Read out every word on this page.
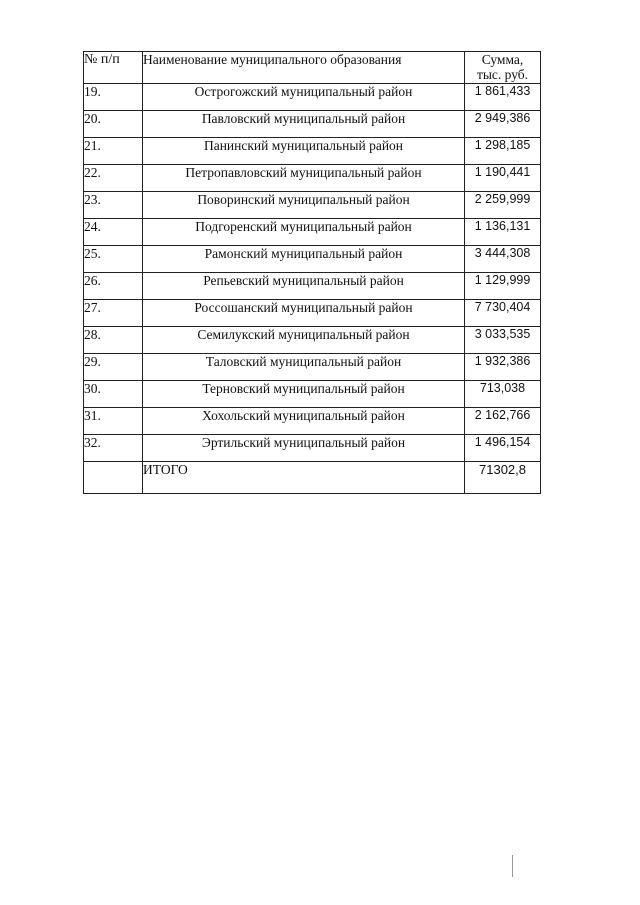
№ п/п	Наименование муниципального образования	Сумма,
тыс. руб.

19.	Острогожский муниципальный район	1 861,433
20.	Павловский муниципальный район	2 949,386
21.	Панинский муниципальный район	1 298,185
22.	Петропавловский муниципальный район	1 190,441
23.	Поворинский муниципальный район	2 259,999
24.	Подгоренский муниципальный район	1 136,131
25.	Рамонский муниципальный район	3 444,308
26.	Репьевский муниципальный район	1 129,999
27.	Россошанский муниципальный район	7 730,404
28.	Семилукский муниципальный район	3 033,535
29.	Таловский муниципальный район	1 932,386
30.	Терновский муниципальный район	713,038
31.	Хохольский муниципальный район	2 162,766
32.	Эртильский муниципальный район	1 496,154
	ИТОГО	71302,8
